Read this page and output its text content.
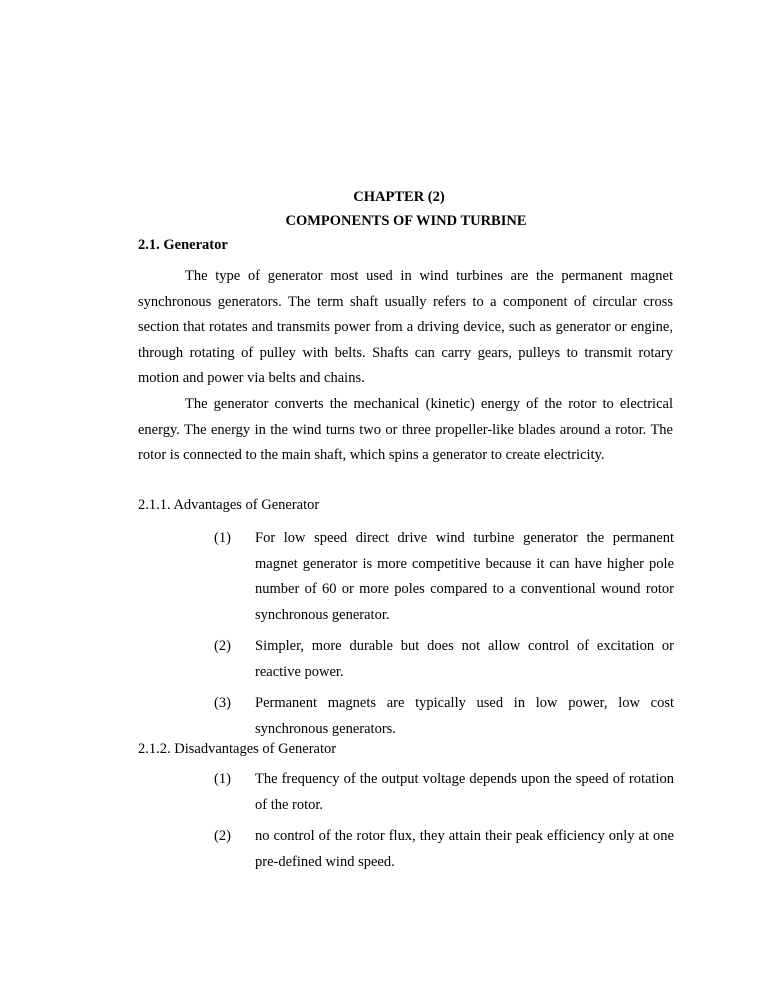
CHAPTER (2)
COMPONENTS OF WIND TURBINE
2.1. Generator

The type of generator most used in wind turbines are the permanent magnet synchronous generators. The term shaft usually refers to a component of circular cross section that rotates and transmits power from a driving device, such as generator or engine, through rotating of pulley with belts. Shafts can carry gears, pulleys to transmit rotary motion and power via belts and chains.

The generator converts the mechanical (kinetic) energy of the rotor to electrical energy. The energy in the wind turns two or three propeller-like blades around a rotor. The rotor is connected to the main shaft, which spins a generator to create electricity.

2.1.1. Advantages of Generator
(1) For low speed direct drive wind turbine generator the permanent magnet generator is more competitive because it can have higher pole number of 60 or more poles compared to a conventional wound rotor synchronous generator.
(2) Simpler, more durable but does not allow control of excitation or reactive power.
(3) Permanent magnets are typically used in low power, low cost synchronous generators.
2.1.2. Disadvantages of Generator
(1) The frequency of the output voltage depends upon the speed of rotation of the rotor.
(2) no control of the rotor flux, they attain their peak efficiency only at one pre-defined wind speed.
